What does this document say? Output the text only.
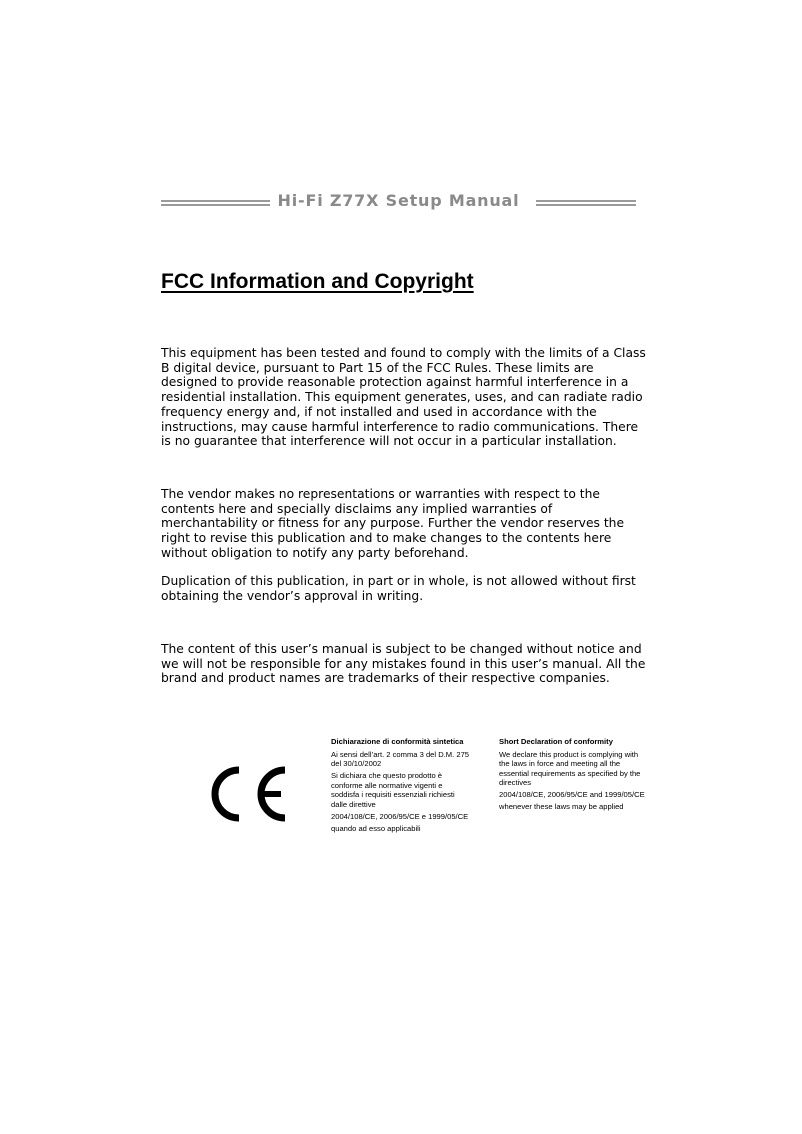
Hi-Fi Z77X Setup Manual
FCC Information and Copyright

This equipment has been tested and found to comply with the limits of a Class B digital device, pursuant to Part 15 of the FCC Rules. These limits are designed to provide reasonable protection against harmful interference in a residential installation. This equipment generates, uses, and can radiate radio frequency energy and, if not installed and used in accordance with the instructions, may cause harmful interference to radio communications. There is no guarantee that interference will not occur in a particular installation.

The vendor makes no representations or warranties with respect to the contents here and specially disclaims any implied warranties of merchantability or fitness for any purpose. Further the vendor reserves the right to revise this publication and to make changes to the contents here without obligation to notify any party beforehand.

Duplication of this publication, in part or in whole, is not allowed without first obtaining the vendor’s approval in writing.

The content of this user’s manual is subject to be changed without notice and we will not be responsible for any mistakes found in this user’s manual. All the brand and product names are trademarks of their respective companies.

Dichiarazione di conformità sintetica

Ai sensi dell’art. 2 comma 3 del D.M. 275 del 30/10/2002

Si dichiara che questo prodotto è conforme alle normative vigenti e soddisfa i requisiti essenziali richiesti dalle direttive

2004/108/CE, 2006/95/CE e 1999/05/CE

quando ad esso applicabili

Short Declaration of conformity

We declare this product is complying with the laws in force and meeting all the essential requirements as specified by the directives

2004/108/CE, 2006/95/CE and 1999/05/CE

whenever these laws may be applied
